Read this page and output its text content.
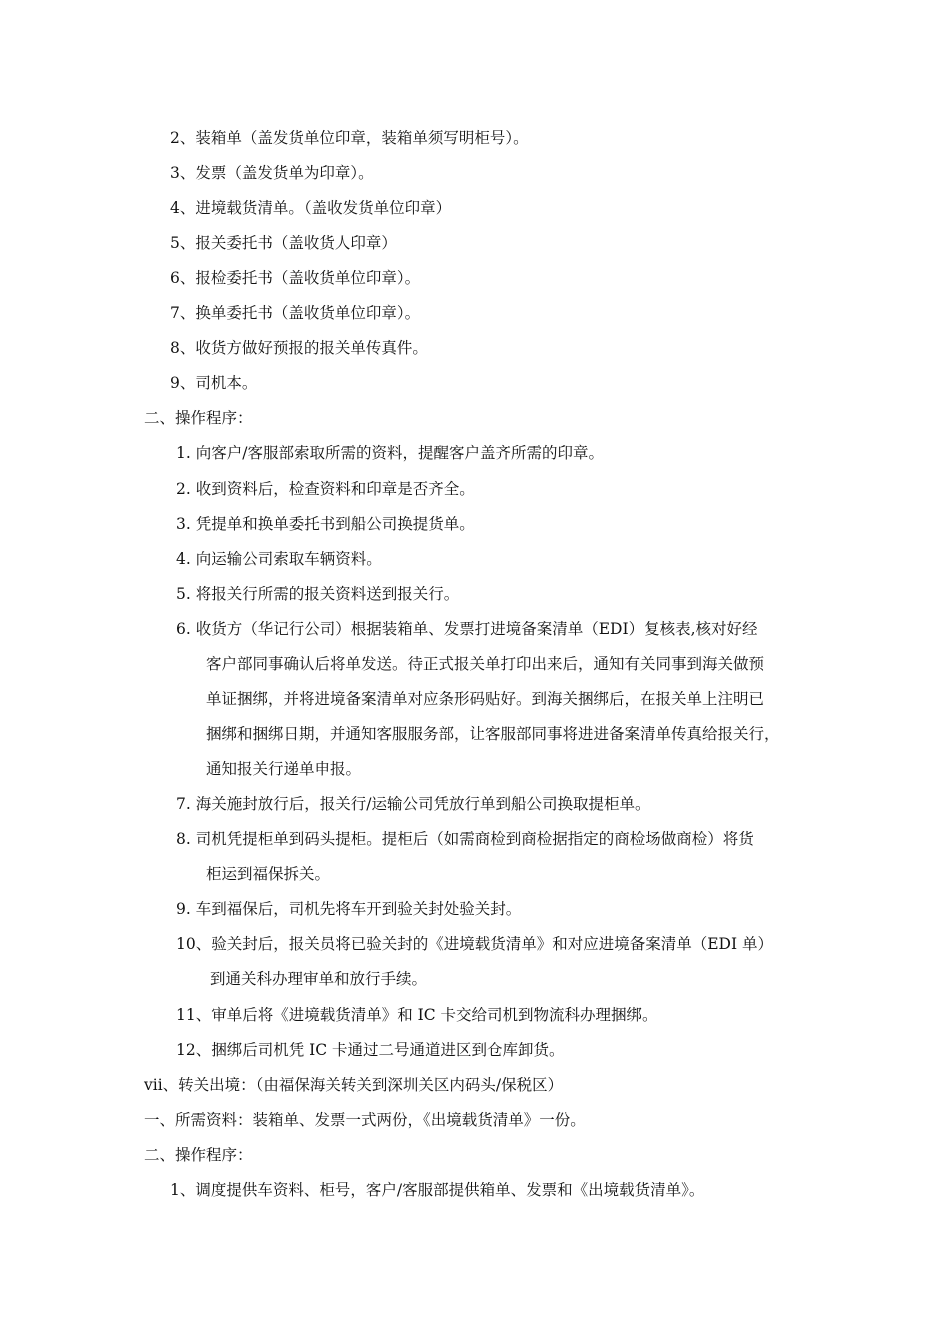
2、装箱单（盖发货单位印章，装箱单须写明柜号）。
3、发票（盖发货单为印章）。
4、进境载货清单。（盖收发货单位印章）
5、报关委托书（盖收货人印章）
6、报检委托书（盖收货单位印章）。
7、换单委托书（盖收货单位印章）。
8、收货方做好预报的报关单传真件。
9、司机本。
二、操作程序：
1. 向客户/客服部索取所需的资料，提醒客户盖齐所需的印章。
2. 收到资料后，检查资料和印章是否齐全。
3. 凭提单和换单委托书到船公司换提货单。
4. 向运输公司索取车辆资料。
5. 将报关行所需的报关资料送到报关行。
6. 收货方（华记行公司）根据装箱单、发票打进境备案清单（EDI）复核表,核对好经
客户部同事确认后将单发送。待正式报关单打印出来后，通知有关同事到海关做预
单证捆绑，并将进境备案清单对应条形码贴好。到海关捆绑后，在报关单上注明已
捆绑和捆绑日期，并通知客服服务部，让客服部同事将进进备案清单传真给报关行，
通知报关行递单申报。
7. 海关施封放行后，报关行/运输公司凭放行单到船公司换取提柜单。
8. 司机凭提柜单到码头提柜。提柜后（如需商检到商检据指定的商检场做商检）将货
柜运到福保拆关。
9. 车到福保后，司机先将车开到验关封处验关封。
10、验关封后，报关员将已验关封的《进境载货清单》和对应进境备案清单（EDI 单）
到通关科办理审单和放行手续。
11、审单后将《进境载货清单》和 IC 卡交给司机到物流科办理捆绑。
12、捆绑后司机凭 IC 卡通过二号通道进区到仓库卸货。
ⅶ、转关出境：（由福保海关转关到深圳关区内码头/保税区）
一、所需资料：装箱单、发票一式两份，《出境载货清单》一份。
二、操作程序：
1、调度提供车资料、柜号，客户/客服部提供箱单、发票和《出境载货清单》。
